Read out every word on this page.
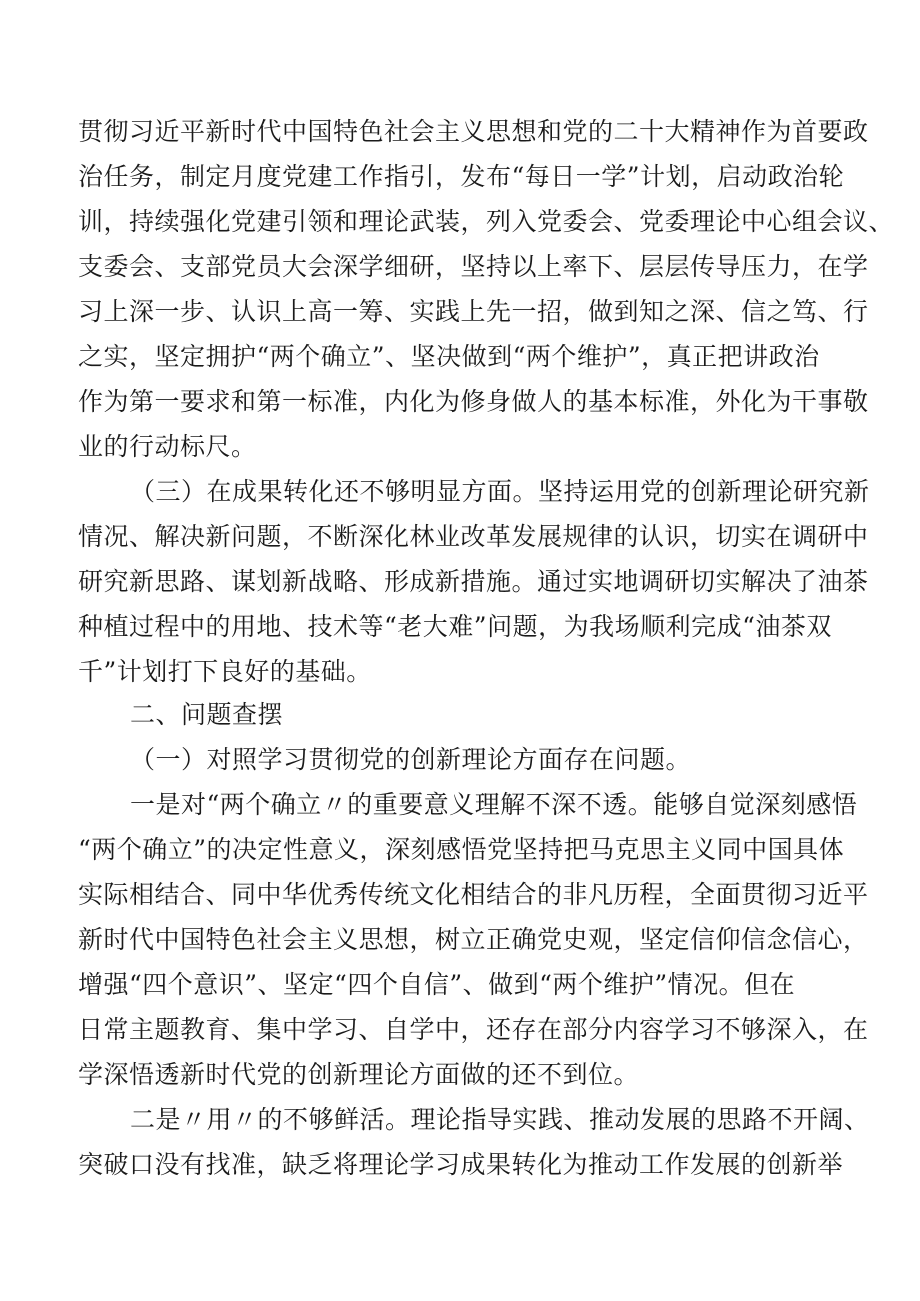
贯彻习近平新时代中国特色社会主义思想和党的二十大精神作为首要政
治任务，制定月度党建工作指引，发布“每日一学”计划，启动政治轮
训，持续强化党建引领和理论武装，列入党委会、党委理论中心组会议、
支委会、支部党员大会深学细研，坚持以上率下、层层传导压力，在学
习上深一步、认识上高一筹、实践上先一招，做到知之深、信之笃、行
之实，坚定拥护“两个确立”、坚决做到“两个维护”，真正把讲政治
作为第一要求和第一标准，内化为修身做人的基本标准，外化为干事敬
业的行动标尺。
（三）在成果转化还不够明显方面。坚持运用党的创新理论研究新
情况、解决新问题，不断深化林业改革发展规律的认识，切实在调研中
研究新思路、谋划新战略、形成新措施。通过实地调研切实解决了油茶
种植过程中的用地、技术等“老大难”问题，为我场顺利完成“油茶双
千”计划打下良好的基础。
二、问题查摆
（一）对照学习贯彻党的创新理论方面存在问题。
一是对“两个确立〃的重要意义理解不深不透。能够自觉深刻感悟
“两个确立”的决定性意义，深刻感悟党坚持把马克思主义同中国具体
实际相结合、同中华优秀传统文化相结合的非凡历程，全面贯彻习近平
新时代中国特色社会主义思想，树立正确党史观，坚定信仰信念信心，
增强“四个意识”、坚定“四个自信”、做到“两个维护”情况。但在
日常主题教育、集中学习、自学中，还存在部分内容学习不够深入，在
学深悟透新时代党的创新理论方面做的还不到位。
二是〃用〃的不够鲜活。理论指导实践、推动发展的思路不开阔、
突破口没有找准，缺乏将理论学习成果转化为推动工作发展的创新举
